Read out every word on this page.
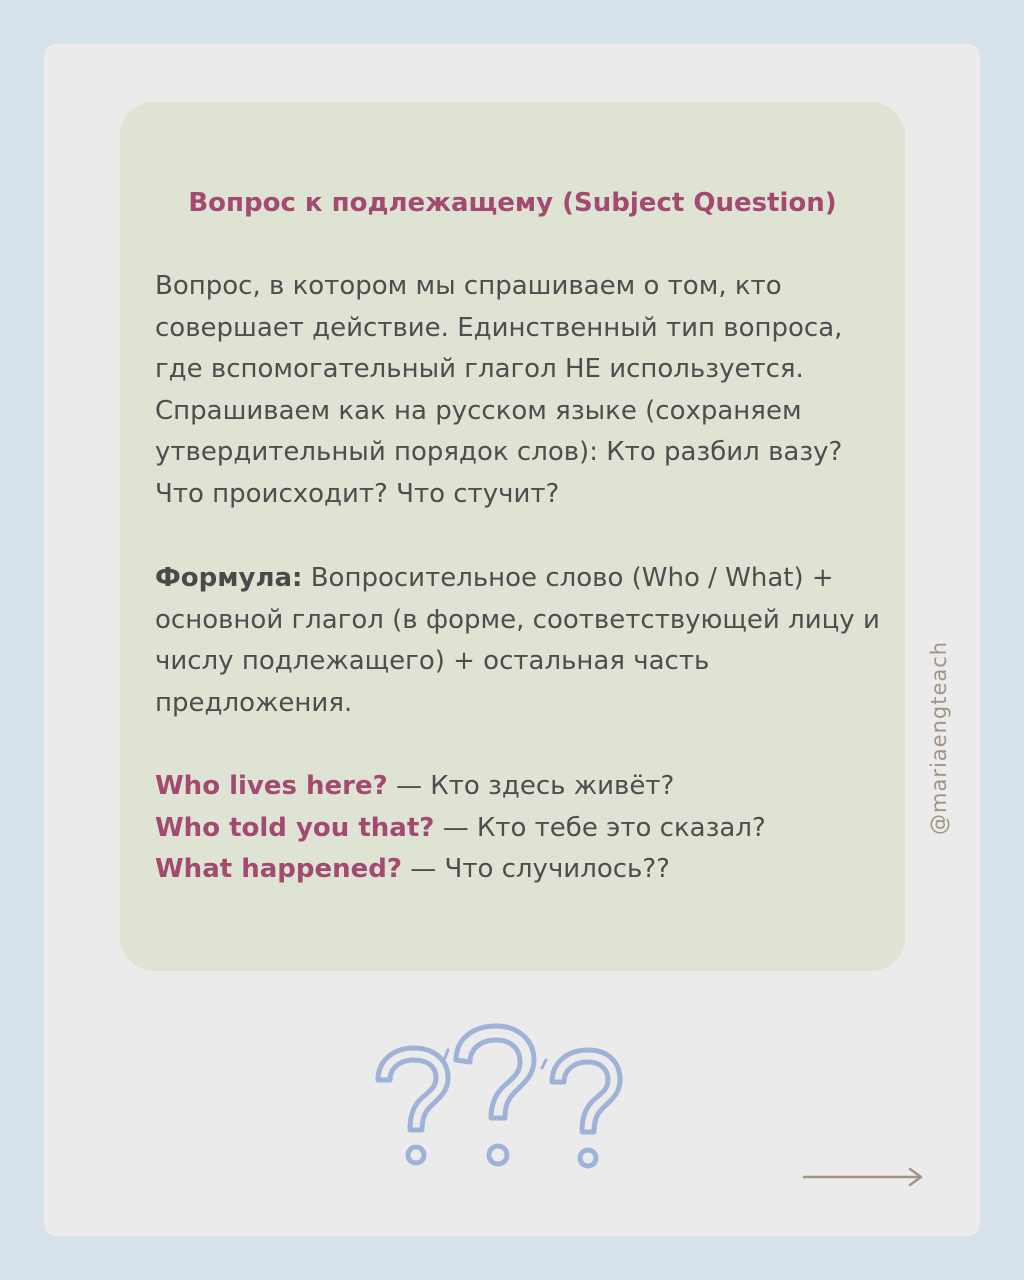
Вопрос к подлежащему (Subject Question)
Вопрос, в котором мы спрашиваем о том, кто совершает действие. Единственный тип вопроса, где вспомогательный глагол НЕ используется. Спрашиваем как на русском языке (сохраняем утвердительный порядок слов): Кто разбил вазу? Что происходит? Что стучит?
Формула: Вопросительное слово (Who / What) + основной глагол (в форме, соответствующей лицу и числу подлежащего) + остальная часть предложения.
Who lives here? — Кто здесь живёт?
Who told you that? — Кто тебе это сказал?
What happened? — Что случилось??
@mariaengteach
